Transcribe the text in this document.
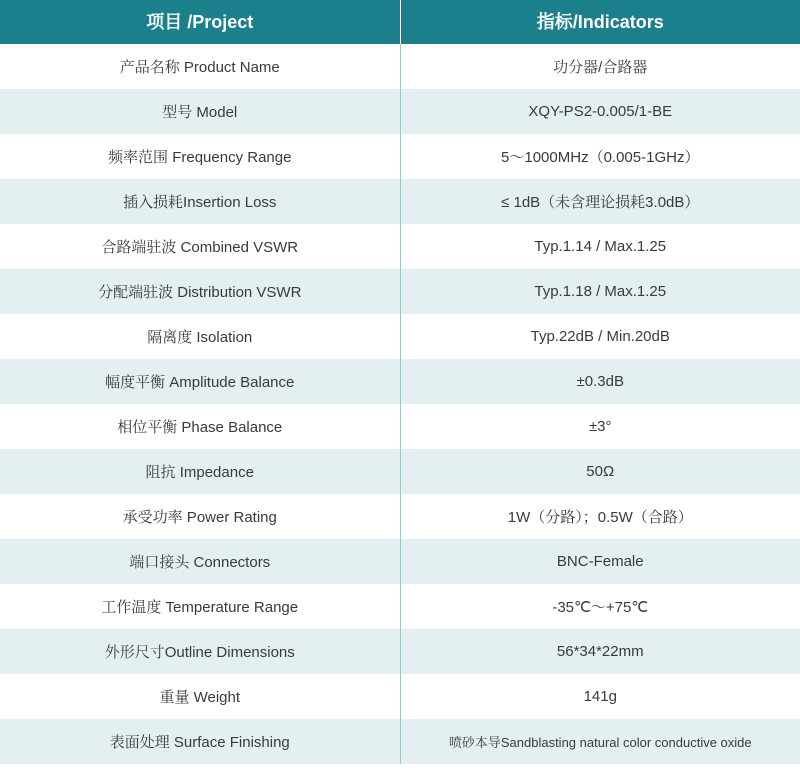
项目 /Project	指标/Indicators
产品名称 Product Name	功分器/合路器
型号 Model	XQY-PS2-0.005/1-BE
频率范围 Frequency Range	5～1000MHz（0.005-1GHz）
插入损耗Insertion Loss	≤ 1dB（未含理论损耗3.0dB）
合路端驻波 Combined VSWR	Typ.1.14 / Max.1.25
分配端驻波 Distribution VSWR	Typ.1.18 / Max.1.25
隔离度 Isolation	Typ.22dB / Min.20dB
幅度平衡 Amplitude Balance	±0.3dB
相位平衡 Phase Balance	±3°
阻抗 Impedance	50Ω
承受功率 Power Rating	1W（分路）；0.5W（合路）
端口接头 Connectors	BNC-Female
工作温度 Temperature Range	-35℃～+75℃
外形尺寸Outline Dimensions	56*34*22mm
重量 Weight	141g
表面处理 Surface Finishing	喷砂本导Sandblasting natural color conductive oxide
